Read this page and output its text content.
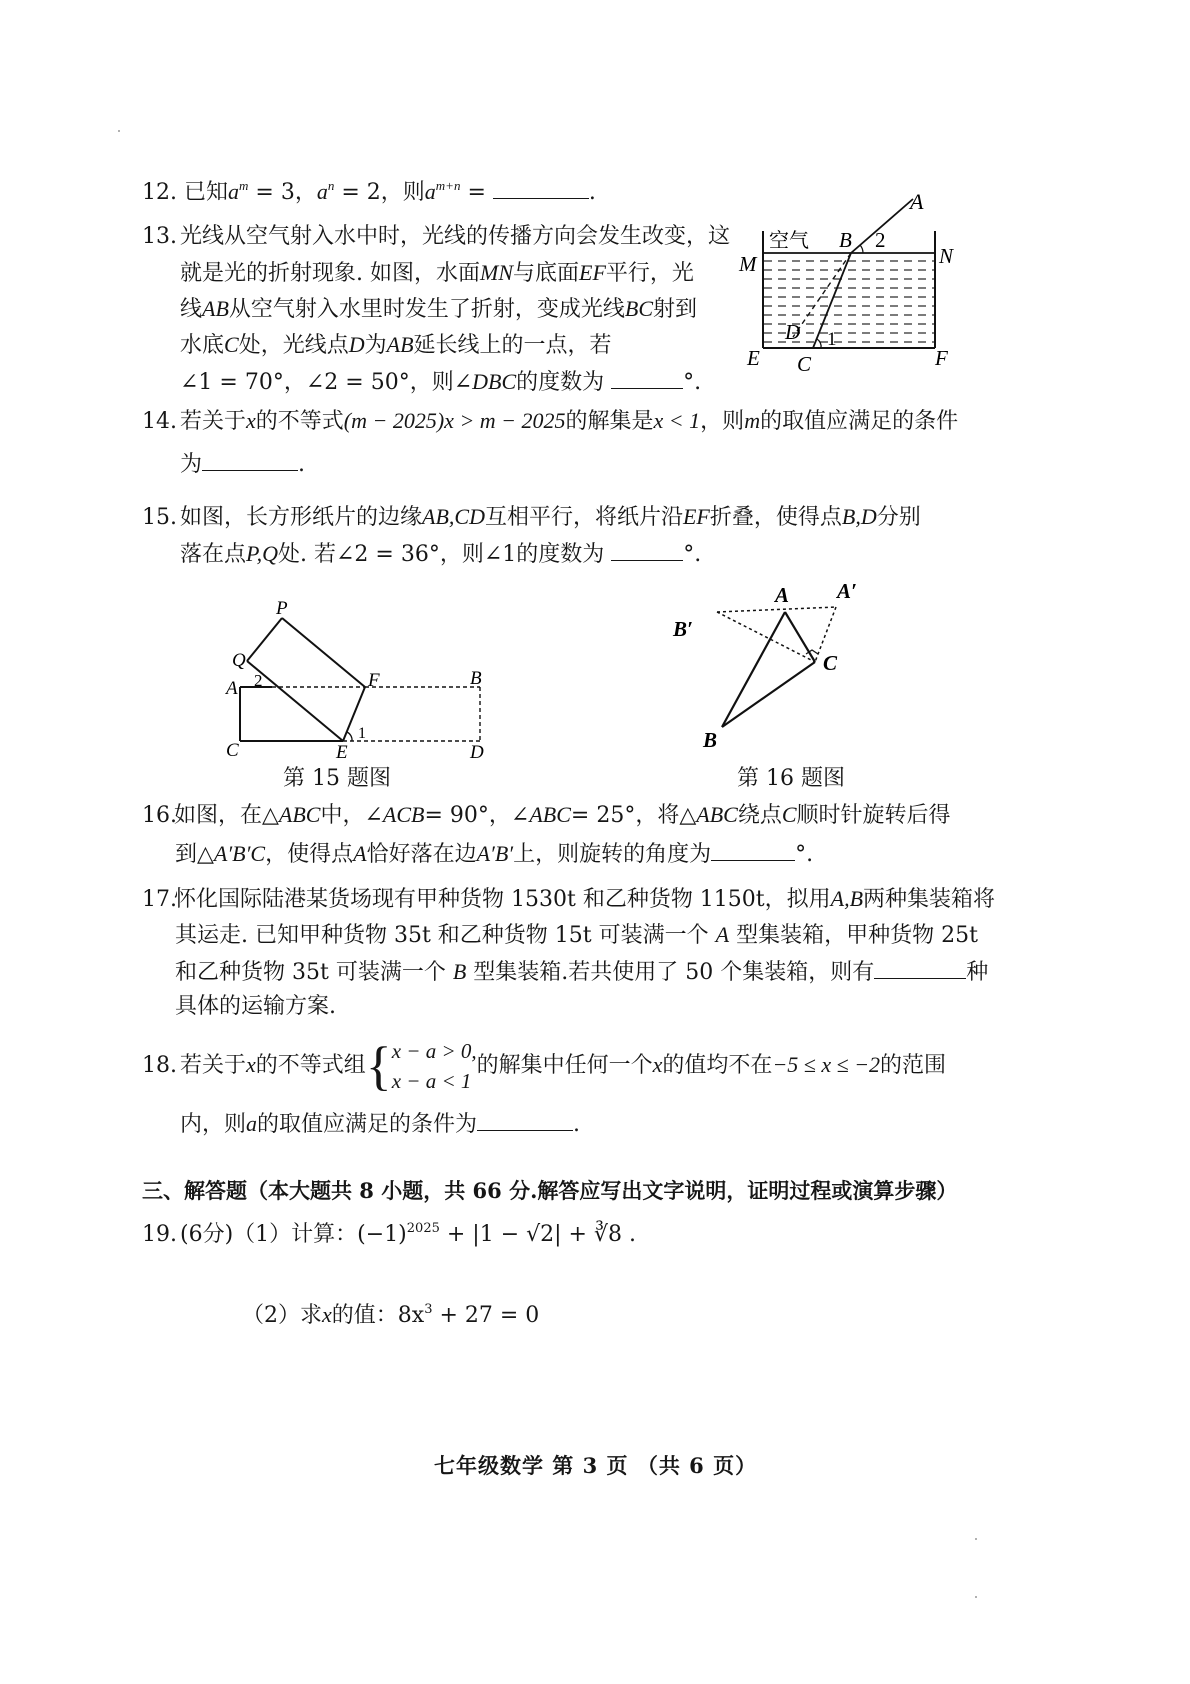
12. 已知$a^m = 3$，$a^n = 2$，则$a^{m+n}$ =	.
13. 光线从空气射入水中时，光线的传播方向会发生改变，这
就是光的折射现象. 如图，水面MN与底面EF平行，光
线AB从空气射入水里时发生了折射，变成光线BC射到
水底C处，光线点D为AB延长线上的一点，若
∠1 = 70°，∠2 = 50°，则∠DBC的度数为	°.
A
空气 B 2
N
M
D 1
E C	F
14. 若关于x的不等式(m − 2025)x > m − 2025的解集是x < 1，则m的取值应满足的条件
为	.
15. 如图，长方形纸片的边缘AB,CD互相平行，将纸片沿EF折叠，使得点B,D分别
落在点P,Q处. 若∠2 = 36°，则∠1的度数为	°.
P
Q
A 2	F	B
C	E
1
D
第 15 题图
A A′
B′
C
B
第 16 题图
16.如图，在△ABC中，∠ACB= 90°，∠ABC= 25°，将△ABC绕点C顺时针旋转后得
到△A′B′C，使得点A恰好落在边A′B′上，则旋转的角度为	°.
17.怀化国际陆港某货场现有甲种货物 1530t 和乙种货物 1150t，拟用A,B两种集装箱将
其运走. 已知甲种货物 35t 和乙种货物 15t 可装满一个 A 型集装箱，甲种货物 25t
和乙种货物 35t 可装满一个 B 型集装箱.若共使用了 50 个集装箱，则有	种
具体的运输方案.
18. 若关于x的不等式组{x − a > 0,
x − a < 1的解集中任何一个x的值均不在−5 ≤ x ≤ −2的范围
内，则a的取值应满足的条件为	.
三、解答题（本大题共 8 小题，共 66 分.解答应写出文字说明，证明过程或演算步骤）
19. (6分)（1）计算：$(-1)^{2025} + |1 - √2|$ + ∛8 .
（2）求x的值：$8x^3 + 27 = 0$
七年级数学 第 3 页 （共 6 页）
